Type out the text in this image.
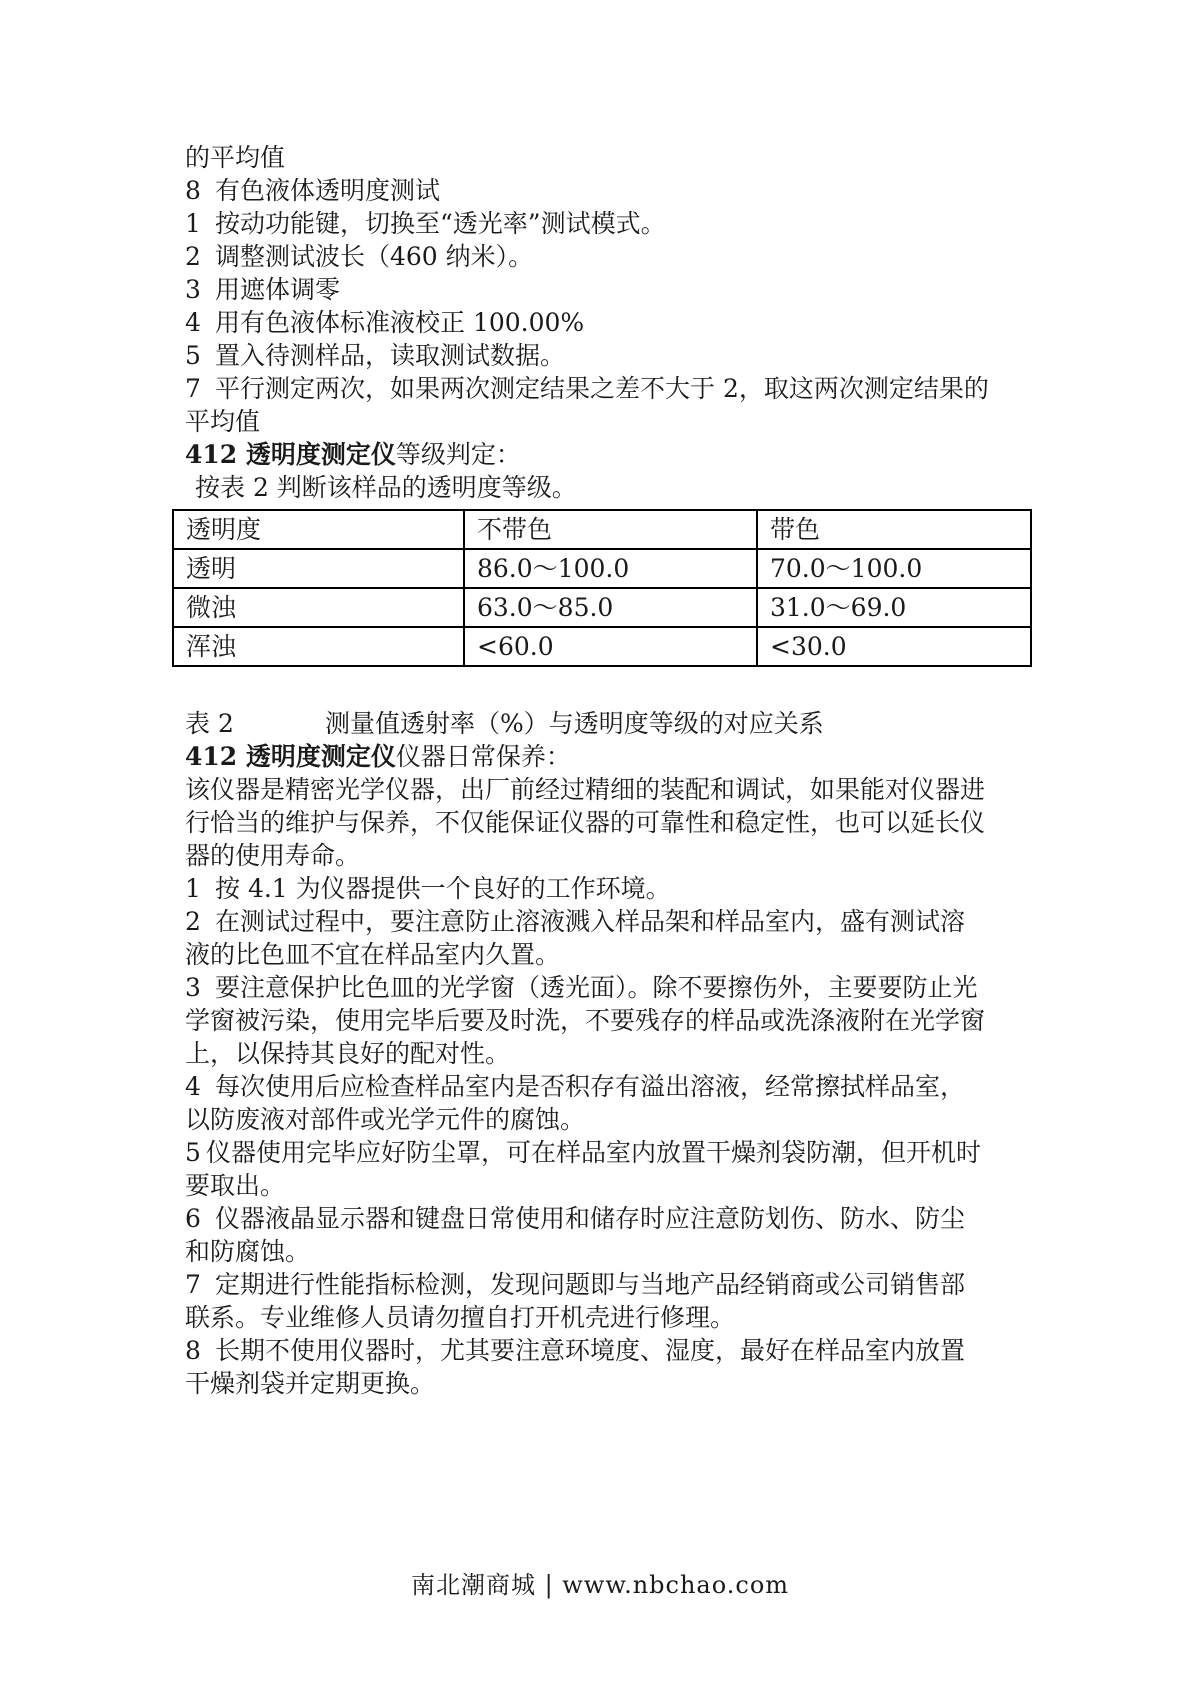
的平均值
8 有色液体透明度测试
1 按动功能键，切换至“透光率”测试模式。
2 调整测试波长（460 纳米）。
3 用遮体调零
4 用有色液体标准液校正 100.00%
5 置入待测样品，读取测试数据。
7 平行测定两次，如果两次测定结果之差不大于 2，取这两次测定结果的
平均值
412 透明度测定仪等级判定：
按表 2 判断该样品的透明度等级。
透明度	不带色	带色
透明	86.0～100.0	70.0～100.0
微浊	63.0～85.0	31.0～69.0
浑浊	<60.0	<30.0
表 2	测量值透射率（%）与透明度等级的对应关系
412 透明度测定仪仪器日常保养：
该仪器是精密光学仪器，出厂前经过精细的装配和调试，如果能对仪器进
行恰当的维护与保养，不仅能保证仪器的可靠性和稳定性，也可以延长仪
器的使用寿命。
1 按 4.1 为仪器提供一个良好的工作环境。
2 在测试过程中，要注意防止溶液溅入样品架和样品室内，盛有测试溶
液的比色皿不宜在样品室内久置。
3 要注意保护比色皿的光学窗（透光面）。除不要擦伤外，主要要防止光
学窗被污染，使用完毕后要及时洗，不要残存的样品或洗涤液附在光学窗
上，以保持其良好的配对性。
4 每次使用后应检查样品室内是否积存有溢出溶液，经常擦拭样品室，
以防废液对部件或光学元件的腐蚀。
5 仪器使用完毕应好防尘罩，可在样品室内放置干燥剂袋防潮，但开机时
要取出。
6 仪器液晶显示器和键盘日常使用和储存时应注意防划伤、防水、防尘
和防腐蚀。
7 定期进行性能指标检测，发现问题即与当地产品经销商或公司销售部
联系。专业维修人员请勿擅自打开机壳进行修理。
8 长期不使用仪器时，尤其要注意环境度、湿度，最好在样品室内放置
干燥剂袋并定期更换。
南北潮商城 | www.nbchao.com
